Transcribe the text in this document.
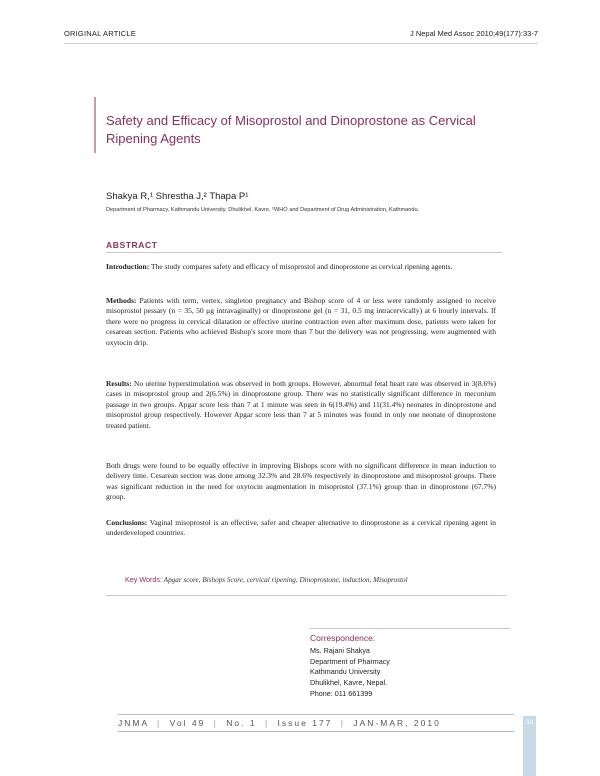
ORIGINAL ARTICLE	J Nepal Med Assoc 2010;49(177):33-7
Safety and Efficacy of Misoprostol and Dinoprostone as Cervical Ripening Agents
Shakya R,¹ Shrestha J,² Thapa P¹
Department of Pharmacy, Kathmandu University, Dhulikhel, Kavre, ²WHO and Department of Drug Administration, Kathmandu.
ABSTRACT

Introduction: The study compares safety and efficacy of misoprostol and dinoprostone as cervical ripening agents.

Methods: Patients with term, vertex, singleton pregnancy and Bishop score of 4 or less were randomly assigned to receive misoprostol pessary (n = 35, 50 μg intravaginally) or dinoprostone gel (n = 31, 0.5 mg intracervically) at 6 hourly intervals. If there were no progress in cervical dilatation or effective uterine contraction even after maximum dose, patients were taken for cesarean section. Patients who achieved Bishop's score more than 7 but the delivery was not progressing, were augmented with oxytocin drip.

Results: No uterine hyperstimulation was observed in both groups. However, abnormal fetal heart rate was observed in 3(8.6%) cases in misoprostol group and 2(6.5%) in dinoprostone group. There was no statistically significant difference in meconium passage in two groups. Apgar score less than 7 at 1 minute was seen in 6(19.4%) and 11(31.4%) neonates in dinoprostone and misoprostol group respectively. However Apgar score less than 7 at 5 minutes was found in only one neonate of dinoprostone treated patient.

Both drugs were found to be equally effective in improving Bishops score with no significant difference in mean induction to delivery time. Cesarean section was done among 32.3% and 28.6% respectively in dinoprostone and misoprostol groups. There was significant reduction in the need for oxytocin augmentation in misoprostol (37.1%) group than in dinoprostone (67.7%) group.

Conclusions: Vaginal misoprostol is an effective, safer and cheaper alternative to dinoprostone as a cervical ripening agent in underdeveloped countries.

Key Words: Apgar score, Bishops Score, cervical ripening, Dinoprostone, induction, Misoprostol
Correspondence:
Ms. Rajani Shakya
Department of Pharmacy
Kathmandu University
Dhulikhel, Kavre, Nepal.
Phone: 011 661399
JNMA | Vol 49 | No. 1 | Issue 177 | JAN-MAR, 2010	33
